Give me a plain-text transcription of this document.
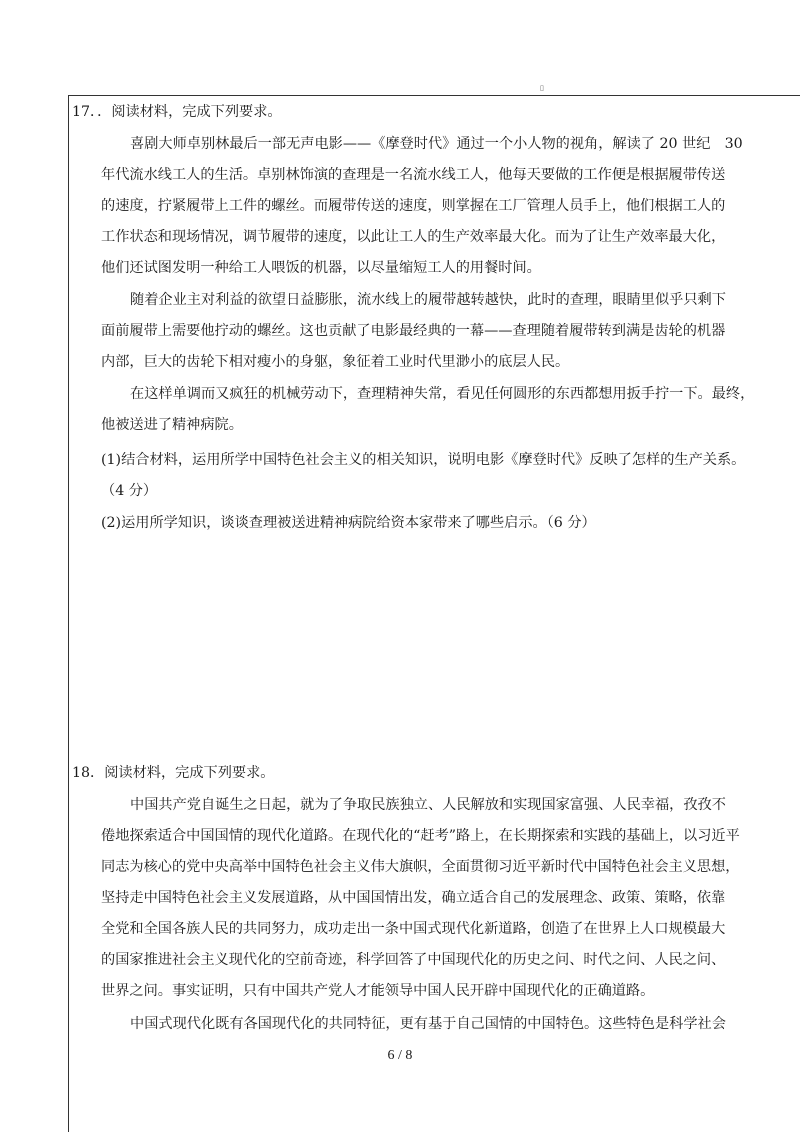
▯
17．．阅读材料，完成下列要求。
喜剧大师卓别林最后一部无声电影——《摩登时代》通过一个小人物的视角，解读了 20 世纪　30
年代流水线工人的生活。卓别林饰演的查理是一名流水线工人，他每天要做的工作便是根据履带传送
的速度，拧紧履带上工件的螺丝。而履带传送的速度，则掌握在工厂管理人员手上，他们根据工人的
工作状态和现场情况，调节履带的速度，以此让工人的生产效率最大化。而为了让生产效率最大化，
他们还试图发明一种给工人喂饭的机器，以尽量缩短工人的用餐时间。
随着企业主对利益的欲望日益膨胀，流水线上的履带越转越快，此时的查理，眼睛里似乎只剩下
面前履带上需要他拧动的螺丝。这也贡献了电影最经典的一幕——查理随着履带转到满是齿轮的机器
内部，巨大的齿轮下相对瘦小的身躯，象征着工业时代里渺小的底层人民。
在这样单调而又疯狂的机械劳动下，查理精神失常，看见任何圆形的东西都想用扳手拧一下。最终，
他被送进了精神病院。
(1)结合材料，运用所学中国特色社会主义的相关知识，说明电影《摩登时代》反映了怎样的生产关系。
（4 分）
(2)运用所学知识，谈谈查理被送进精神病院给资本家带来了哪些启示。（6 分）
18．阅读材料，完成下列要求。
中国共产党自诞生之日起，就为了争取民族独立、人民解放和实现国家富强、人民幸福，孜孜不
倦地探索适合中国国情的现代化道路。在现代化的“赶考”路上，在长期探索和实践的基础上，以习近平
同志为核心的党中央高举中国特色社会主义伟大旗帜，全面贯彻习近平新时代中国特色社会主义思想，
坚持走中国特色社会主义发展道路，从中国国情出发，确立适合自己的发展理念、政策、策略，依靠
全党和全国各族人民的共同努力，成功走出一条中国式现代化新道路，创造了在世界上人口规模最大
的国家推进社会主义现代化的空前奇迹，科学回答了中国现代化的历史之问、时代之问、人民之问、
世界之问。事实证明，只有中国共产党人才能领导中国人民开辟中国现代化的正确道路。
中国式现代化既有各国现代化的共同特征，更有基于自己国情的中国特色。这些特色是科学社会
6 / 8
